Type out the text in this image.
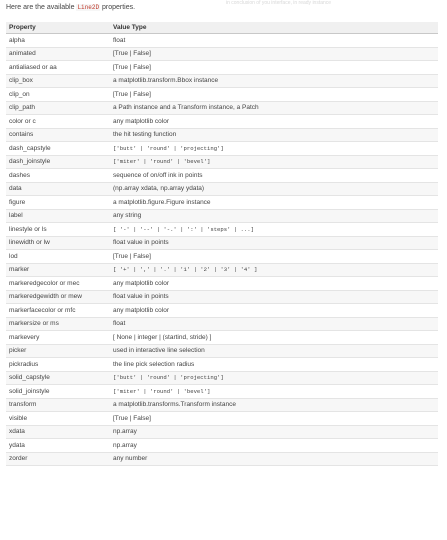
Here are the available Line2D properties.
in conclusion of you interface, in ready instance
Property	Value Type
alpha	float
animated	[True | False]
antialiased or aa	[True | False]
clip_box	a matplotlib.transform.Bbox instance
clip_on	[True | False]
clip_path	a Path instance and a Transform instance, a Patch
color or c	any matplotlib color
contains	the hit testing function
dash_capstyle	['butt' | 'round' | 'projecting']
dash_joinstyle	['miter' | 'round' | 'bevel']
dashes	sequence of on/off ink in points
data	(np.array xdata, np.array ydata)
figure	a matplotlib.figure.Figure instance
label	any string
linestyle or ls	[ '-' | '--' | '-.' | ':' | 'steps' | ...]
linewidth or lw	float value in points
lod	[True | False]
marker	[ '+' | ',' | '.' | '1' | '2' | '3' | '4' ]
markeredgecolor or mec	any matplotlib color
markeredgewidth or mew	float value in points
markerfacecolor or mfc	any matplotlib color
markersize or ms	float
markevery	[ None | integer | (startind, stride) ]
picker	used in interactive line selection
pickradius	the line pick selection radius
solid_capstyle	['butt' | 'round' | 'projecting']
solid_joinstyle	['miter' | 'round' | 'bevel']
transform	a matplotlib.transforms.Transform instance
visible	[True | False]
xdata	np.array
ydata	np.array
zorder	any number
